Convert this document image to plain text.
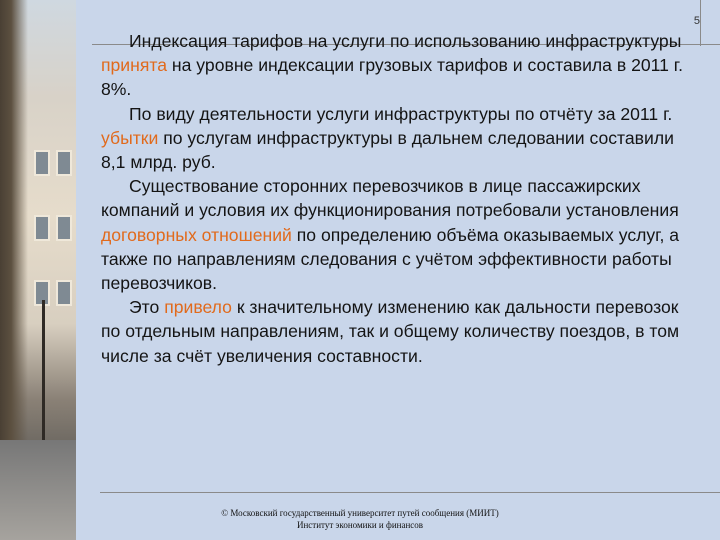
5

Индексация тарифов на услуги по использованию инфраструктуры принята на уровне индексации грузовых тарифов и составила в 2011 г. 8%.

По виду деятельности услуги инфраструктуры по отчёту за 2011 г. убытки по услугам инфраструктуры в дальнем следовании составили 8,1 млрд. руб.

Существование сторонних перевозчиков в лице пассажирских компаний и условия их функционирования потребовали установления договорных отношений по определению объёма оказываемых услуг, а также по направлениям следования с учётом эффективности работы перевозчиков.

Это привело к значительному изменению как дальности перевозок по отдельным направлениям, так и общему количеству поездов, в том числе за счёт увеличения составности.

© Московский государственный университет путей сообщения (МИИТ)
Институт экономики и финансов
